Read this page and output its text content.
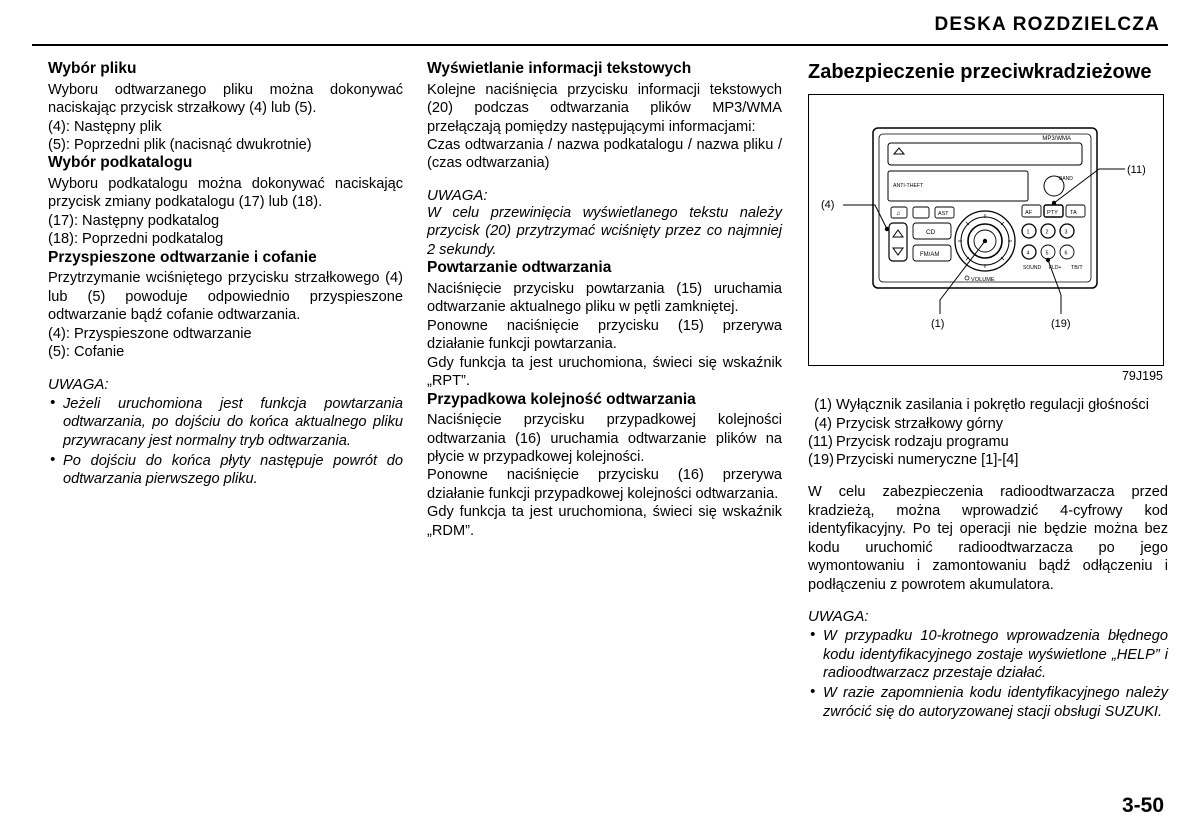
DESKA ROZDZIELCZA
Wybór pliku

Wyboru odtwarzanego pliku można dokonywać naciskając przycisk strzałkowy (4) lub (5).

(4): Następny plik

(5): Poprzedni plik (nacisnąć dwukrotnie)

Wybór podkatalogu

Wyboru podkatalogu można dokonywać naciskając przycisk zmiany podkatalogu (17) lub (18).

(17): Następny podkatalog

(18): Poprzedni podkatalog

Przyspieszone odtwarzanie i cofanie

Przytrzymanie wciśniętego przycisku strzałkowego (4) lub (5) powoduje odpowiednio przyspieszone odtwarzanie bądź cofanie odtwarzania.

(4): Przyspieszone odtwarzanie

(5): Cofanie

UWAGA:

• Jeżeli uruchomiona jest funkcja powtarzania odtwarzania, po dojściu do końca aktualnego pliku przywracany jest normalny tryb odtwarzania.
• Po dojściu do końca płyty następuje powrót do odtwarzania pierwszego pliku.
Wyświetlanie informacji tekstowych

Kolejne naciśnięcia przycisku informacji tekstowych (20) podczas odtwarzania plików MP3/WMA przełączają pomiędzy następującymi informacjami:

Czas odtwarzania / nazwa podkatalogu / nazwa pliku / (czas odtwarzania)

UWAGA:

W celu przewinięcia wyświetlanego tekstu należy przycisk (20) przytrzymać wciśnięty przez co najmniej 2 sekundy.

Powtarzanie odtwarzania

Naciśnięcie przycisku powtarzania (15) uruchamia odtwarzanie aktualnego pliku w pętli zamkniętej.

Ponowne naciśnięcie przycisku (15) przerywa działanie funkcji powtarzania.

Gdy funkcja ta jest uruchomiona, świeci się wskaźnik „RPT”.

Przypadkowa kolejność odtwarzania

Naciśnięcie przycisku przypadkowej kolejności odtwarzania (16) uruchamia odtwarzanie plików na płycie w przypadkowej kolejności.

Ponowne naciśnięcie przycisku (16) przerywa działanie funkcji przypadkowej kolejności odtwarzania.

Gdy funkcja ta jest uruchomiona, świeci się wskaźnik „RDM”.

Zabezpieczenie przeciwkradzieżowe
MP3/WMA
ANTI-THEFT
BAND
♫	AST	AF	PTY TA
CD
FM/AM
VOLUME
1	2	3
4	5	6
SOUND FLD+ TB/T
(4)
(11)
(1)	(19)
79J195
(1) Wyłącznik zasilania i pokrętło regulacji głośności
(4) Przycisk strzałkowy górny
(11) Przycisk rodzaju programu
(19) Przyciski numeryczne [1]-[4]

W celu zabezpieczenia radioodtwarzacza przed kradzieżą, można wprowadzić 4-cyfrowy kod identyfikacyjny. Po tej operacji nie będzie można bez kodu uruchomić radioodtwarzacza po jego wymontowaniu i zamontowaniu bądź odłączeniu i podłączeniu z powrotem akumulatora.

UWAGA:

• W przypadku 10-krotnego wprowadzenia błędnego kodu identyfikacyjnego zostaje wyświetlone „HELP” i radioodtwarzacz przestaje działać.
• W razie zapomnienia kodu identyfikacyjnego należy zwrócić się do autoryzowanej stacji obsługi SUZUKI.
3-50
